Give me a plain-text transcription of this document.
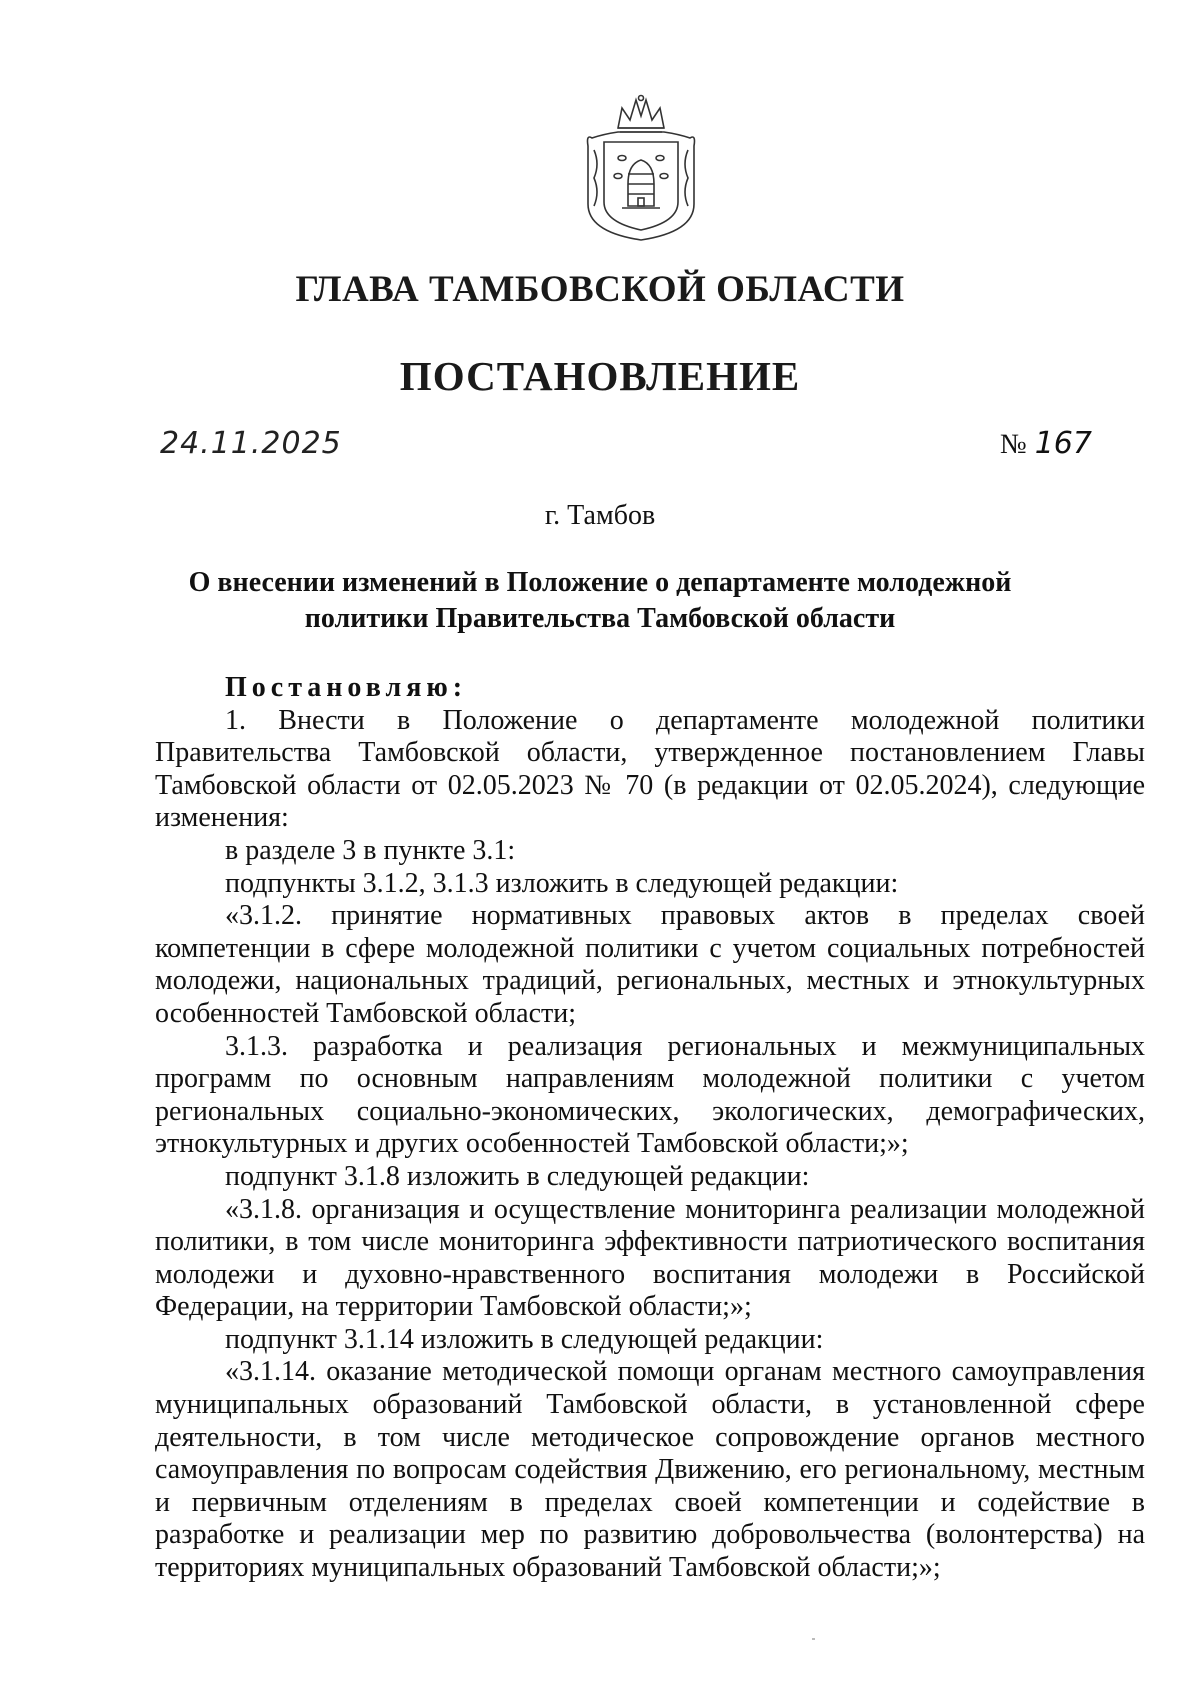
ГЛАВА ТАМБОВСКОЙ ОБЛАСТИ
ПОСТАНОВЛЕНИЕ
24.11.2025	№ 167
г. Тамбов
О внесении изменений в Положение о департаменте молодежной
политики Правительства Тамбовской области

Постановляю:

1. Внести в Положение о департаменте молодежной политики Правительства Тамбовской области, утвержденное постановлением Главы Тамбовской области от 02.05.2023 № 70 (в редакции от 02.05.2024), следующие изменения:

в разделе 3 в пункте 3.1:

подпункты 3.1.2, 3.1.3 изложить в следующей редакции:

«3.1.2. принятие нормативных правовых актов в пределах своей компетенции в сфере молодежной политики с учетом социальных потребностей молодежи, национальных традиций, региональных, местных и этнокультурных особенностей Тамбовской области;

3.1.3. разработка и реализация региональных и межмуниципальных программ по основным направлениям молодежной политики с учетом региональных социально-экономических, экологических, демографических, этнокультурных и других особенностей Тамбовской области;»;

подпункт 3.1.8 изложить в следующей редакции:

«3.1.8. организация и осуществление мониторинга реализации молодежной политики, в том числе мониторинга эффективности патриотического воспитания молодежи и духовно-нравственного воспитания молодежи в Российской Федерации, на территории Тамбовской области;»;

подпункт 3.1.14 изложить в следующей редакции:

«3.1.14. оказание методической помощи органам местного самоуправления муниципальных образований Тамбовской области, в установленной сфере деятельности, в том числе методическое сопровождение органов местного самоуправления по вопросам содействия Движению, его региональному, местным и первичным отделениям в пределах своей компетенции и содействие в разработке и реализации мер по развитию добровольчества (волонтерства) на территориях муниципальных образований Тамбовской области;»;
